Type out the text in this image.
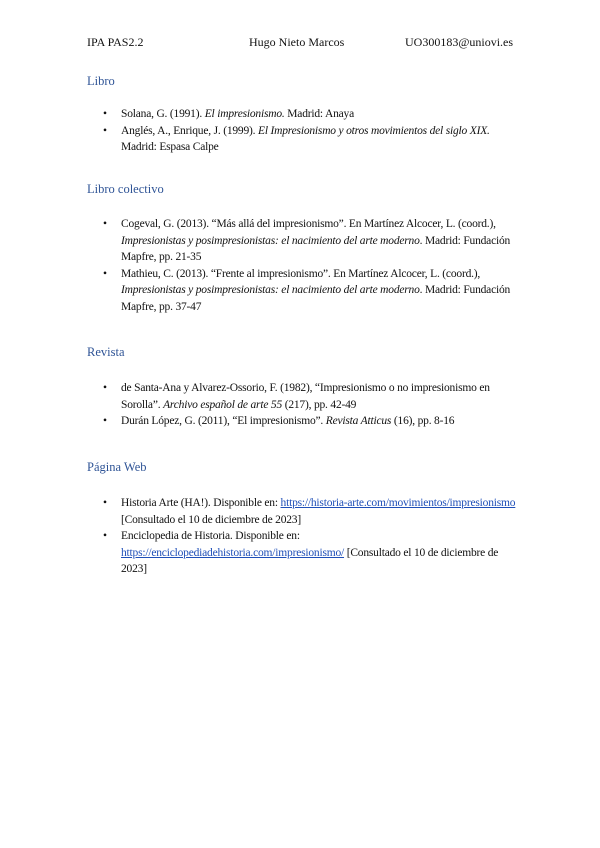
IPA PAS2.2	Hugo Nieto Marcos	UO300183@uniovi.es

Libro

• Solana, G. (1991). El impresionismo. Madrid: Anaya
• Anglés, A., Enrique, J. (1999). El Impresionismo y otros movimientos del siglo XIX. Madrid: Espasa Calpe

Libro colectivo

• Cogeval, G. (2013). “Más allá del impresionismo”. En Martínez Alcocer, L. (coord.), Impresionistas y posimpresionistas: el nacimiento del arte moderno. Madrid: Fundación Mapfre, pp. 21-35
• Mathieu, C. (2013). “Frente al impresionismo”. En Martínez Alcocer, L. (coord.), Impresionistas y posimpresionistas: el nacimiento del arte moderno. Madrid: Fundación Mapfre, pp. 37-47

Revista

• de Santa-Ana y Alvarez-Ossorio, F. (1982), “Impresionismo o no impresionismo en Sorolla”. Archivo español de arte 55 (217), pp. 42-49
• Durán López, G. (2011), “El impresionismo”. Revista Atticus (16), pp. 8-16

Página Web

• Historia Arte (HA!). Disponible en: https://historia-arte.com/movimientos/impresionismo [Consultado el 10 de diciembre de 2023]
• Enciclopedia de Historia. Disponible en: https://enciclopediadehistoria.com/impresionismo/ [Consultado el 10 de diciembre de 2023]
